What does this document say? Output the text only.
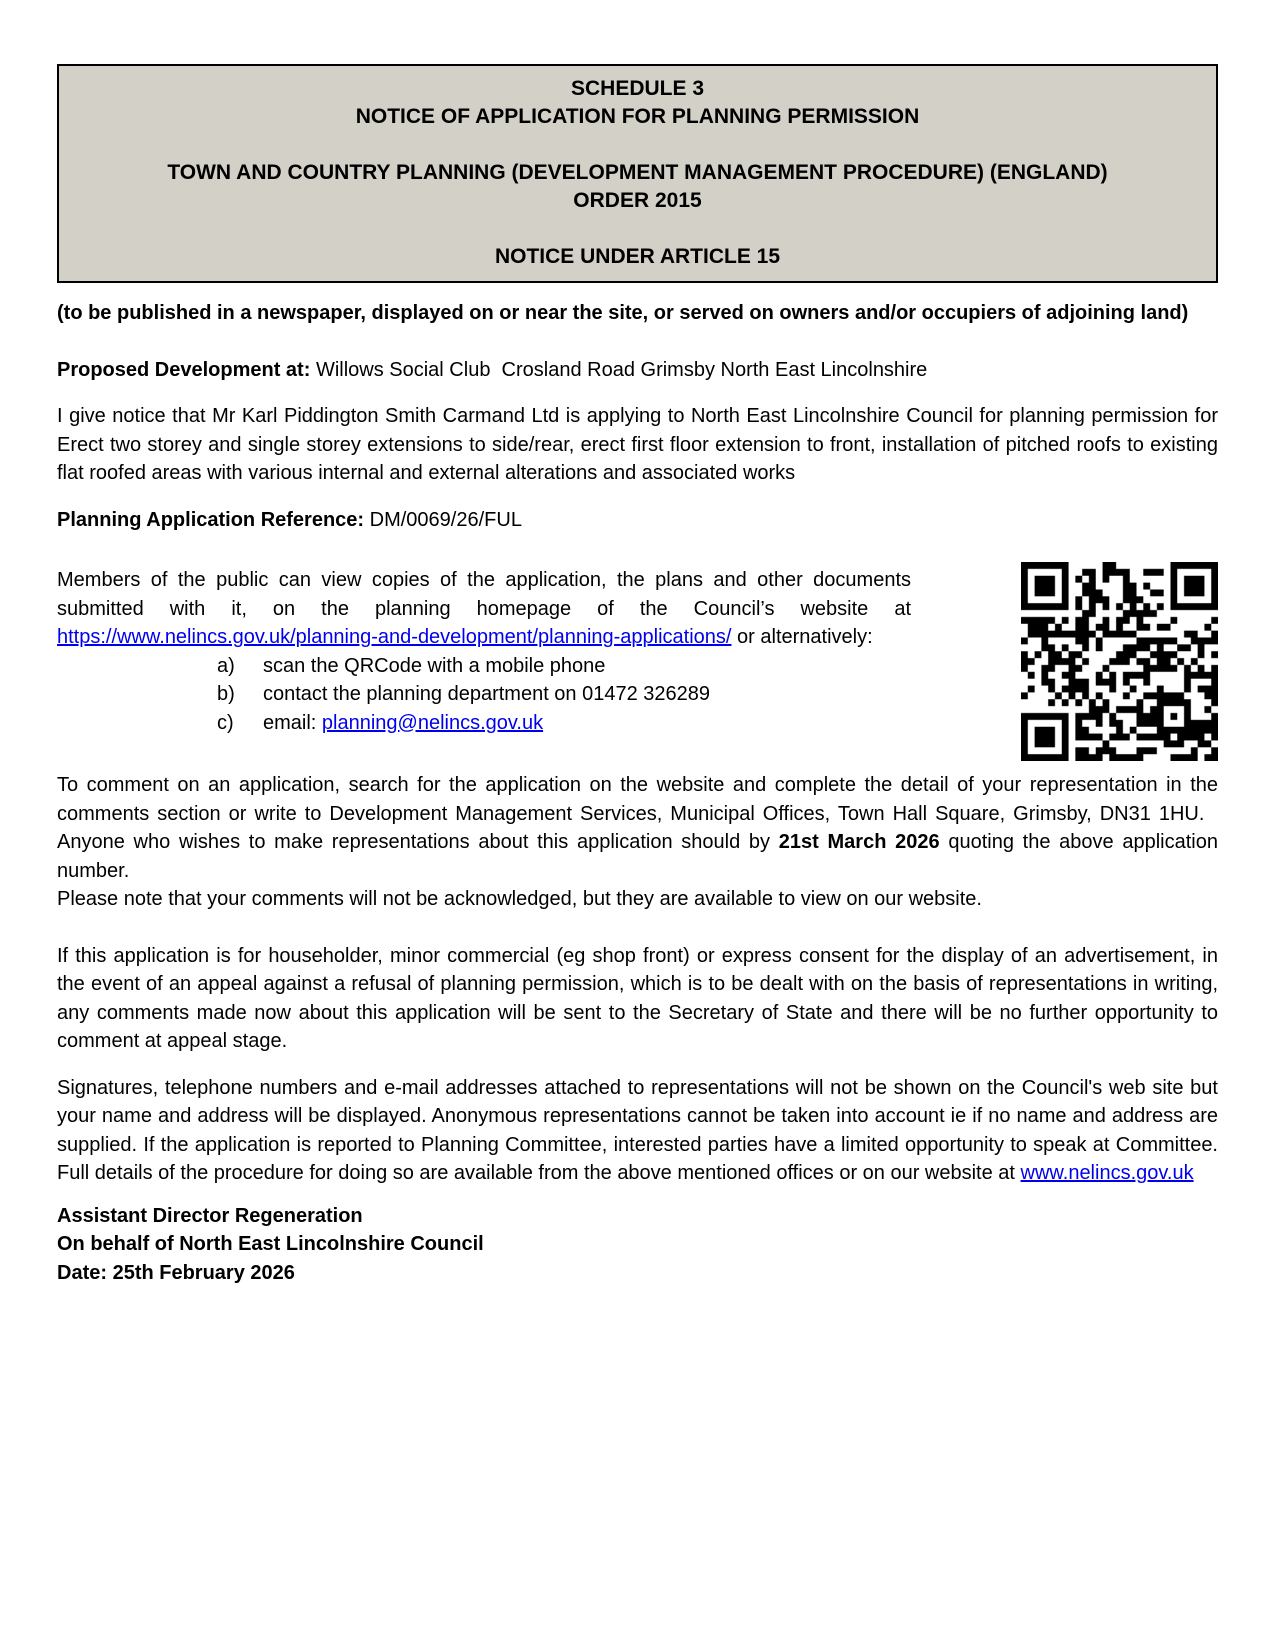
SCHEDULE 3
NOTICE OF APPLICATION FOR PLANNING PERMISSION
TOWN AND COUNTRY PLANNING (DEVELOPMENT MANAGEMENT PROCEDURE) (ENGLAND)
ORDER 2015
NOTICE UNDER ARTICLE 15

(to be published in a newspaper, displayed on or near the site, or served on owners and/or occupiers of adjoining land)

Proposed Development at: Willows Social Club  Crosland Road Grimsby North East Lincolnshire

I give notice that Mr Karl Piddington Smith Carmand Ltd is applying to North East Lincolnshire Council for planning permission for Erect two storey and single storey extensions to side/rear, erect first floor extension to front, installation of pitched roofs to existing flat roofed areas with various internal and external alterations and associated works

Planning Application Reference: DM/0069/26/FUL

Members of the public can view copies of the application, the plans and other documents submitted with it, on the planning homepage of the Council’s website at https://www.nelincs.gov.uk/planning-and-development/planning-applications/ or alternatively:

a)	scan the QRCode with a mobile phone
b)	contact the planning department on 01472 326289
c)	email: planning@nelincs.gov.uk

To comment on an application, search for the application on the website and complete the detail of your representation in the comments section or write to Development Management Services, Municipal Offices, Town Hall Square, Grimsby, DN31 1HU.   Anyone who wishes to make representations about this application should by 21st March 2026 quoting the above application number.
Please note that your comments will not be acknowledged, but they are available to view on our website.

If this application is for householder, minor commercial (eg shop front) or express consent for the display of an advertisement, in the event of an appeal against a refusal of planning permission, which is to be dealt with on the basis of representations in writing, any comments made now about this application will be sent to the Secretary of State and there will be no further opportunity to comment at appeal stage.

Signatures, telephone numbers and e-mail addresses attached to representations will not be shown on the Council's web site but your name and address will be displayed. Anonymous representations cannot be taken into account ie if no name and address are supplied. If the application is reported to Planning Committee, interested parties have a limited opportunity to speak at Committee. Full details of the procedure for doing so are available from the above mentioned offices or on our website at www.nelincs.gov.uk

Assistant Director Regeneration
On behalf of North East Lincolnshire Council
Date: 25th February 2026
